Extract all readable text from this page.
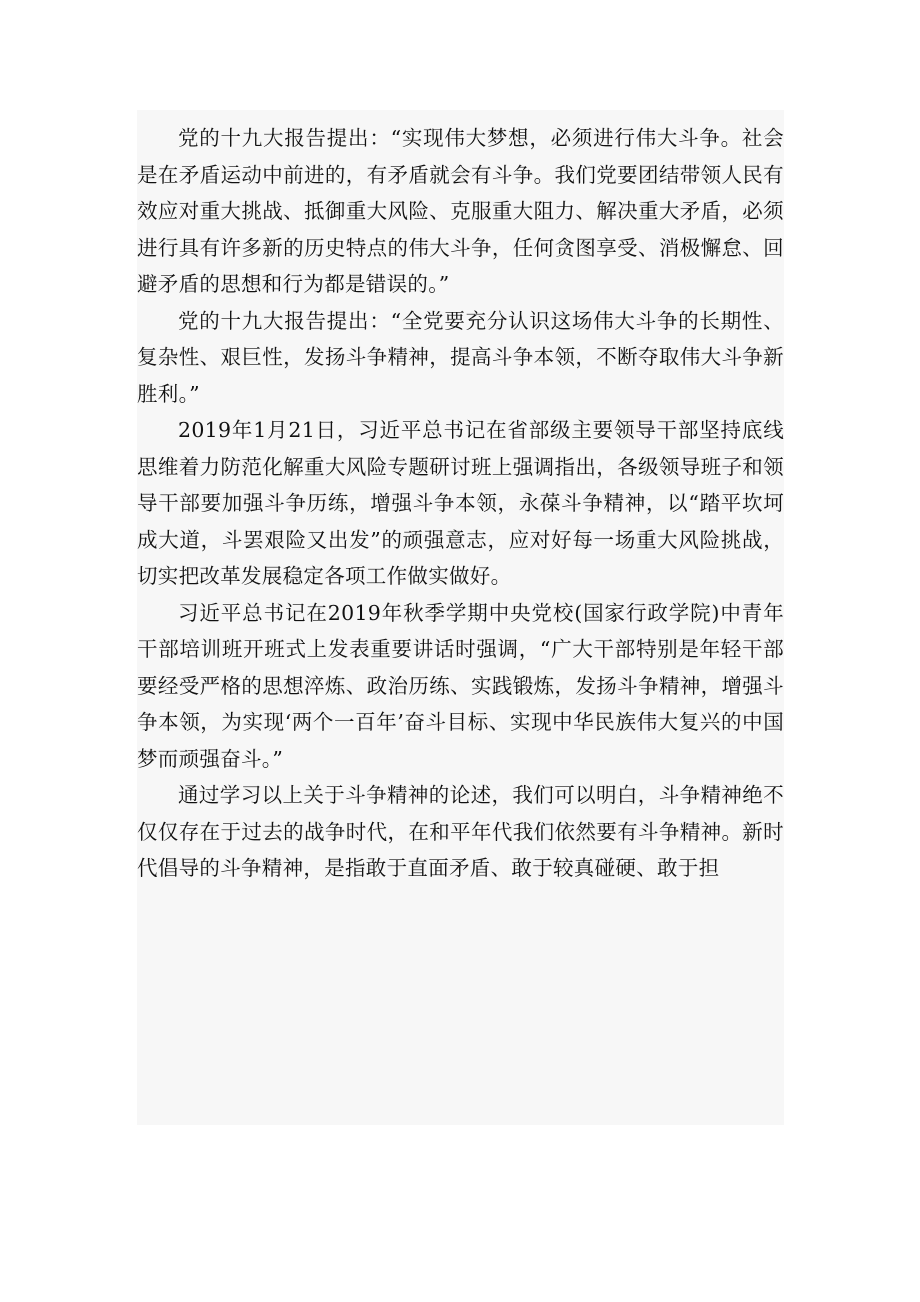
党的十九大报告提出：“实现伟大梦想，必须进行伟大斗争。社会是在矛盾运动中前进的，有矛盾就会有斗争。我们党要团结带领人民有效应对重大挑战、抵御重大风险、克服重大阻力、解决重大矛盾，必须进行具有许多新的历史特点的伟大斗争，任何贪图享受、消极懈怠、回避矛盾的思想和行为都是错误的。”

党的十九大报告提出：“全党要充分认识这场伟大斗争的长期性、复杂性、艰巨性，发扬斗争精神，提高斗争本领，不断夺取伟大斗争新胜利。”

2019年1月21日，习近平总书记在省部级主要领导干部坚持底线思维着力防范化解重大风险专题研讨班上强调指出，各级领导班子和领导干部要加强斗争历练，增强斗争本领，永葆斗争精神，以“踏平坎坷成大道，斗罢艰险又出发”的顽强意志，应对好每一场重大风险挑战，切实把改革发展稳定各项工作做实做好。

习近平总书记在2019年秋季学期中央党校(国家行政学院)中青年干部培训班开班式上发表重要讲话时强调，“广大干部特别是年轻干部要经受严格的思想淬炼、政治历练、实践锻炼，发扬斗争精神，增强斗争本领，为实现‘两个一百年’奋斗目标、实现中华民族伟大复兴的中国梦而顽强奋斗。”

通过学习以上关于斗争精神的论述，我们可以明白，斗争精神绝不仅仅存在于过去的战争时代，在和平年代我们依然要有斗争精神。新时代倡导的斗争精神，是指敢于直面矛盾、敢于较真碰硬、敢于担
